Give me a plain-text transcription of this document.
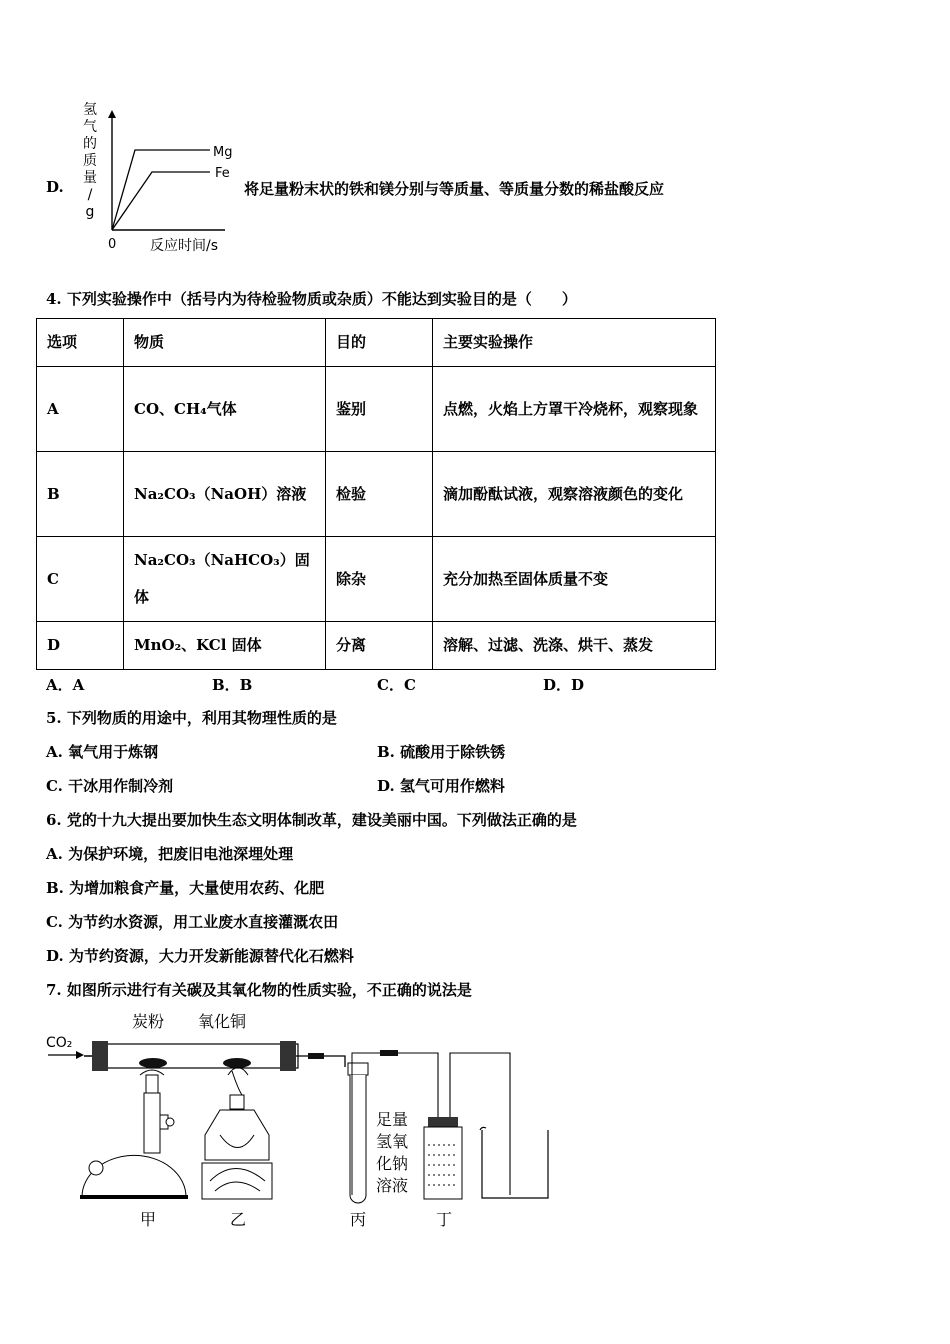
D.
氢气的质量/ g
Mg
Fe
0 反应时间/s
将足量粉末状的铁和镁分别与等质量、等质量分数的稀盐酸反应
4. 下列实验操作中（括号内为待检验物质或杂质）不能达到实验目的是（　　）
选项	物质	目的	主要实验操作
A	CO、CH₄气体	鉴别	点燃，火焰上方罩干冷烧杯，观察现象
B	Na₂CO₃（NaOH）溶液	检验	滴加酚酞试液，观察溶液颜色的变化
C	Na₂CO₃（NaHCO₃）固体	除杂	充分加热至固体质量不变
D	MnO₂、KCl 固体	分离	溶解、过滤、洗涤、烘干、蒸发
A．A	B．B	C．C	D．D
5. 下列物质的用途中，利用其物理性质的是
A. 氧气用于炼钢	B. 硫酸用于除铁锈
C. 干冰用作制冷剂	D. 氢气可用作燃料
6. 党的十九大提出要加快生态文明体制改革，建设美丽中国。下列做法正确的是
A. 为保护环境，把废旧电池深埋处理
B. 为增加粮食产量，大量使用农药、化肥
C. 为节约水资源，用工业废水直接灌溉农田
D. 为节约资源，大力开发新能源替代化石燃料
7. 如图所示进行有关碳及其氧化物的性质实验，不正确的说法是
CO₂
炭粉 氧化铜
甲	乙	丙
足量
氢氧
化钠
溶液
丁
